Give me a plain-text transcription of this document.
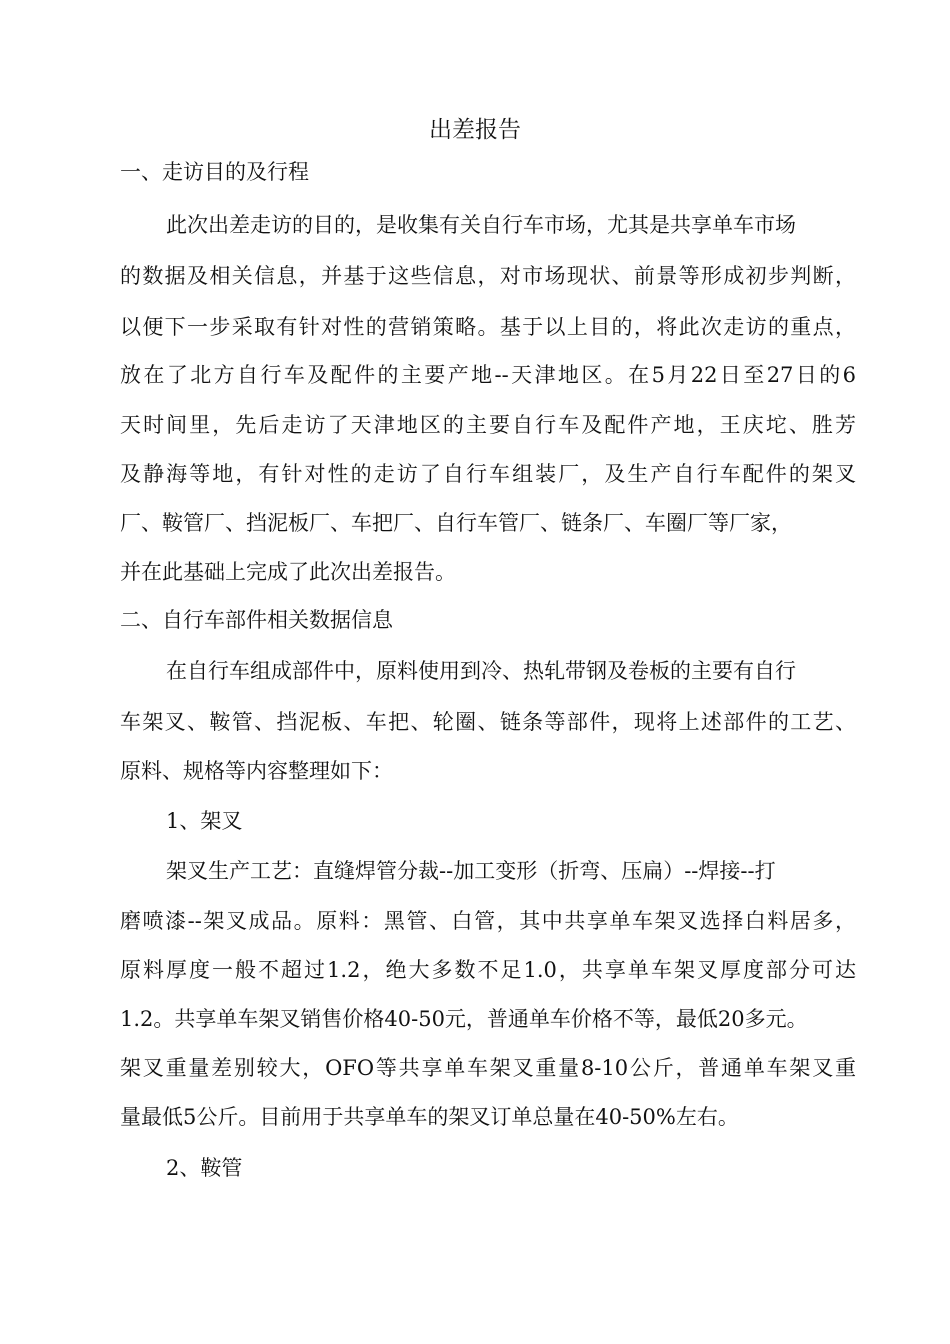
出差报告

一、走访目的及行程

此次出差走访的目的，是收集有关自行车市场，尤其是共享单车市场

的数据及相关信息，并基于这些信息，对市场现状、前景等形成初步判断，

以便下一步采取有针对性的营销策略。基于以上目的，将此次走访的重点，

放在了北方自行车及配件的主要产地--天津地区。在5月22日至27日的6

天时间里，先后走访了天津地区的主要自行车及配件产地，王庆坨、胜芳

及静海等地，有针对性的走访了自行车组装厂，及生产自行车配件的架叉

厂、鞍管厂、挡泥板厂、车把厂、自行车管厂、链条厂、车圈厂等厂家，

并在此基础上完成了此次出差报告。

二、自行车部件相关数据信息

在自行车组成部件中，原料使用到冷、热轧带钢及卷板的主要有自行

车架叉、鞍管、挡泥板、车把、轮圈、链条等部件，现将上述部件的工艺、

原料、规格等内容整理如下：

1、架叉

架叉生产工艺：直缝焊管分裁--加工变形（折弯、压扁）--焊接--打

磨喷漆--架叉成品。原料：黑管、白管，其中共享单车架叉选择白料居多，

原料厚度一般不超过1.2，绝大多数不足1.0，共享单车架叉厚度部分可达

1.2。共享单车架叉销售价格40-50元，普通单车价格不等，最低20多元。

架叉重量差别较大，OFO等共享单车架叉重量8-10公斤，普通单车架叉重

量最低5公斤。目前用于共享单车的架叉订单总量在40-50%左右。

2、鞍管
